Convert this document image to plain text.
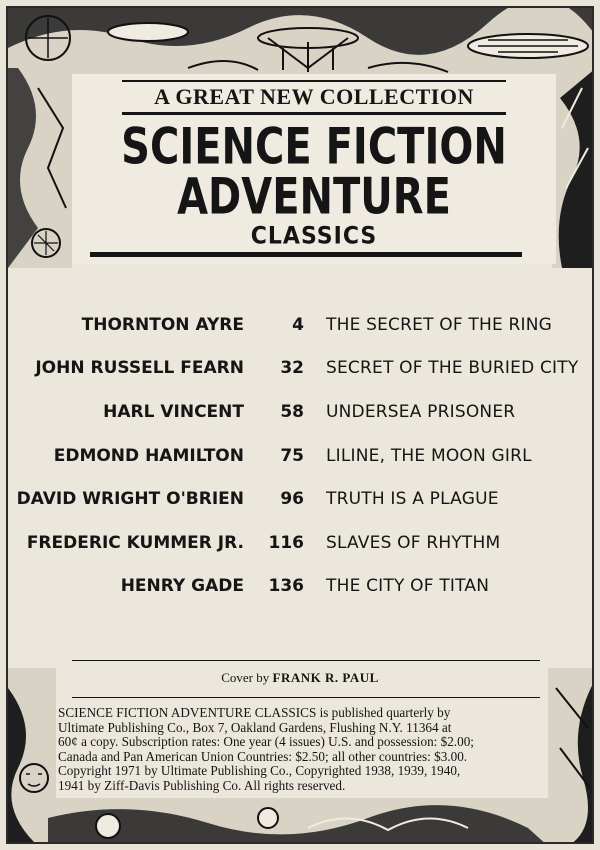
A GREAT NEW COLLECTION
SCIENCE FICTION
ADVENTURE
CLASSICS
THORNTON AYRE	4 THE SECRET OF THE RING
JOHN RUSSELL FEARN 32 SECRET OF THE BURIED CITY
HARL VINCENT 58 UNDERSEA PRISONER
EDMOND HAMILTON 75 LILINE, THE MOON GIRL
DAVID WRIGHT O'BRIEN 96 TRUTH IS A PLAGUE
FREDERIC KUMMER JR. 116 SLAVES OF RHYTHM
HENRY GADE 136 THE CITY OF TITAN
Cover by FRANK R. PAUL
SCIENCE FICTION ADVENTURE CLASSICS is published quarterly by
Ultimate Publishing Co., Box 7, Oakland Gardens, Flushing N.Y. 11364 at
60¢ a copy. Subscription rates: One year (4 issues) U.S. and possession: $2.00;
Canada and Pan American Union Countries: $2.50; all other countries: $3.00.
Copyright 1971 by Ultimate Publishing Co., Copyrighted 1938, 1939, 1940,
1941 by Ziff-Davis Publishing Co. All rights reserved.
